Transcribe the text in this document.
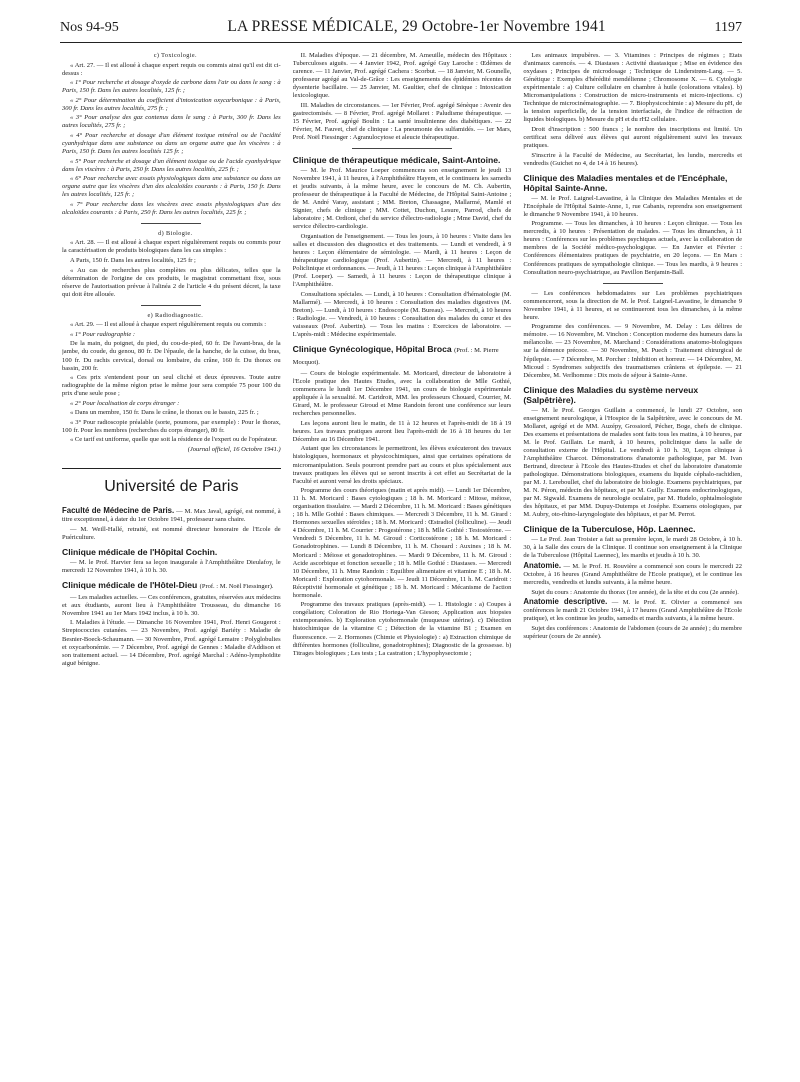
Nos 94-95	LA PRESSE MÉDICALE, 29 Octobre-1er Novembre 1941	1197

c) Toxicologie.

« Art. 27. — Il est alloué à chaque expert requis ou commis ainsi qu'il est dit ci-dessus :

« 1° Pour recherche et dosage d'oxyde de carbone dans l'air ou dans le sang : à Paris, 150 fr. Dans les autres localités, 125 fr. ;

« 2° Pour détermination du coefficient d'intoxication oxycarbonique : à Paris, 300 fr. Dans les autres localités, 275 fr. ;

« 3° Pour analyse des gaz contenus dans le sang : à Paris, 300 fr. Dans les autres localités, 275 fr. ;

« 4° Pour recherche et dosage d'un élément toxique minéral ou de l'acidité cyanhydrique dans une substance ou dans un organe autre que les viscères : à Paris, 150 fr. Dans les autres localités 125 fr. ;

« 5° Pour recherche et dosage d'un élément toxique ou de l'acide cyanhydrique dans les viscères : à Paris, 250 fr. Dans les autres localités, 225 fr. ;

« 6° Pour recherche avec essais physiologiques dans une substance ou dans un organe autre que les viscères d'un des alcaloïdes courants : à Paris, 150 fr. Dans les autres localités, 125 fr. ;

« 7° Pour recherche dans les viscères avec essais physiologiques d'un des alcaloïdes courants : à Paris, 250 fr. Dans les autres localités, 225 fr. ;

d) Biologie.

« Art. 28. — Il est alloué à chaque expert régulièrement requis ou commis pour la caractérisation de produits biologiques dans les cas simples :

A Paris, 150 fr. Dans les autres localités, 125 fr ;

« Au cas de recherches plus complètes ou plus délicates, telles que la détermination de l'origine de ces produits, le magistrat commettant fixe, sous réserve de l'autorisation prévue à l'alinéa 2 de l'article 4 du présent décret, la taxe qui doit être allouée.

e) Radiodiagnostic.

« Art. 29. — Il est alloué à chaque expert régulièrement requis ou commis :

« 1° Pour radiographie :

De la main, du poignet, du pied, du cou-de-pied, 60 fr. De l'avant-bras, de la jambe, du coude, du genou, 80 fr. De l'épaule, de la hanche, de la cuisse, du bras, 100 fr. Du rachis cervical, dorsal ou lombaire, du crâne, 160 fr. Du thorax ou bassin, 200 fr.

« Ces prix s'entendent pour un seul cliché et deux épreuves. Toute autre radiographie de la même région prise le même jour sera comptée 75 pour 100 du prix d'une seule pose ;

« 2° Pour localisation de corps étranger :

« Dans un membre, 150 fr. Dans le crâne, le thorax ou le bassin, 225 fr. ;

« 3° Pour radioscopie préalable (sorte, poumons, par exemple) : Pour le thorax, 100 fr. Pour les membres (recherches du corps étranger), 80 fr.

« Ce tarif est uniforme, quelle que soit la résidence de l'expert ou de l'opérateur.

(Journal officiel, 16 Octobre 1941.)

Université de Paris

Faculté de Médecine de Paris. — M. Max Javal, agrégé, est nommé, à titre exceptionnel, à dater du 1er Octobre 1941, professeur sans chaire.

— M. Weill-Hallé, retraité, est nommé directeur honoraire de l'Ecole de Puériculture.

Clinique médicale de l'Hôpital Cochin.

— M. le Prof. Harvier fera sa leçon inaugurale à l'Amphithéâtre Dieulafoy, le mercredi 12 Novembre 1941, à 10 h. 30.

Clinique médicale de l'Hôtel-Dieu (Prof. : M. Noël Fiessinger).

— Les maladies actuelles. — Ces conférences, gratuites, réservées aux médecins et aux étudiants, auront lieu à l'Amphithéâtre Trousseau, du dimanche 16 Novembre 1941 au 1er Mars 1942 inclus, à 10 h. 30.

I. Maladies à l'étude. — Dimanche 16 Novembre 1941, Prof. Henri Gougerot : Streptococcies cutanées. — 23 Novembre, Prof. agrégé Bariéty : Maladie de Besnier-Boeck-Schaumann. — 30 Novembre, Prof. agrégé Lemaire : Polyglobulies et oxycarbonémie. — 7 Décembre, Prof. agrégé de Gennes : Maladie d'Addison et son traitement actuel. — 14 Décembre, Prof. agrégé Marchal : Adéno-lymphoïdite aiguë bénigne.

II. Maladies d'époque. — 21 décembre, M. Ameuille, médecin des Hôpitaux : Tuberculoses aiguës. — 4 Janvier 1942, Prof. agrégé Guy Laroche : Œdèmes de carence. — 11 Janvier, Prof. agrégé Cachera : Scorbut. — 18 Janvier, M. Gounelle, professeur agrégé au Val-de-Grâce : Les enseignements des épidémies récentes de dysenterie bacillaire. — 25 Janvier, M. Gaultier, chef de clinique : Intoxication lexicologique.

III. Maladies de circonstances. — 1er Février, Prof. agrégé Sénèque : Avenir des gastrectomisés. — 8 Février, Prof. agrégé Mollaret : Paludisme thérapeutique. — 15 Février, Prof. agrégé Boulin : La santé insulinienne des diabétiques. — 22 Février, M. Fauvet, chef de clinique : La pneumonie des sulfamidés. — 1er Mars, Prof. Noël Fiessinger : Agranulocytose et aleucie thérapeutique.

Clinique de thérapeutique médicale, Saint-Antoine.

— M. le Prof. Maurice Loeper commencera son enseignement le jeudi 13 Novembre 1941, à 11 heures, à l'Amphithéâtre Hayem, et le continuera les samedis et jeudis suivants, à la même heure, avec le concours de M. Ch. Aubertin, professeur de thérapeutique à la Faculté de Médecine, de l'Hôpital Saint-Antoine ; de M. André Varay, assistant ; MM. Breton, Chassagne, Mallarmé, Mamlé et Signier, chefs de clinique ; MM. Cottet, Duchon, Lesure, Parrod, chefs de laboratoire ; M. Ordioni, chef du service d'électro-radiologie ; Mme David, chef du service d'électro-cardiologie.

Organisation de l'enseignement. — Tous les jours, à 10 heures : Visite dans les salles et discussion des diagnostics et des traitements. — Lundi et vendredi, à 9 heures : Leçon élémentaire de sémiologie. — Mardi, à 11 heures : Leçon de thérapeutique cardiologique (Prof. Aubertin). — Mercredi, à 11 heures : Policlinique et ordonnances. — Jeudi, à 11 heures : Leçon clinique à l'Amphithéâtre (Prof. Loeper). — Samedi, à 11 heures : Leçon de thérapeutique clinique à l'Amphithéâtre.

Consultations spéciales. — Lundi, à 10 heures : Consultation d'hématologie (M. Mallarmé). — Mercredi, à 10 heures : Consultation des maladies digestives (M. Breton). — Lundi, à 10 heures : Endoscopie (M. Bureau). — Mercredi, à 10 heures : Radiologie. — Vendredi, à 10 heures : Consultation des malades du cœur et des vaisseaux (Prof. Aubertin). — Tous les matins : Exercices de laboratoire. — L'après-midi : Médecine expérimentale.

Clinique Gynécologique, Hôpital Broca (Prof. : M. Pierre Mocquot).

— Cours de biologie expérimentale. M. Moricard, directeur de laboratoire à l'Ecole pratique des Hautes Etudes, avec la collaboration de Mlle Gothié, commencera le lundi 1er Décembre 1941, un cours de biologie expérimentale appliquée à la sexualité. M. Caridroit, MM. les professeurs Chouard, Courrier, M. Girard, M. le professeur Giroud et Mme Randoin feront une conférence sur leurs recherches personnelles.

Les leçons auront lieu le matin, de 11 à 12 heures et l'après-midi de 18 à 19 heures. Les travaux pratiques auront lieu l'après-midi de 16 à 18 heures du 1er Décembre au 16 Décembre 1941.

Autant que les circonstances le permettront, les élèves exécuteront des travaux histologiques, hormonaux et physicochimiques, ainsi que certaines opérations de micromanipulation. Seuls pourront prendre part au cours et plus spécialement aux travaux pratiques les élèves qui se seront inscrits à cet effet au Secrétariat de la Faculté et auront versé les droits spéciaux.

Programme des cours théoriques (matin et après midi). — Lundi 1er Décembre, 11 h. M. Moricard : Bases cytologiques ; 18 h. M. Moricard : Mitose, méiose, organisation tissulaire. — Mardi 2 Décembre, 11 h. M. Moricard : Bases génétiques ; 18 h. Mlle Gothié : Bases chimiques. — Mercredi 3 Décembre, 11 h. M. Girard : Hormones sexuelles stéroïdes ; 18 h. M. Moricard : Œstradiol (folliculine). — Jeudi 4 Décembre, 11 h. M. Courrier : Progestérone ; 18 h. Mlle Gothié : Testostérone. — Vendredi 5 Décembre, 11 h. M. Giroud : Corticostérone ; 18 h. M. Moricard : Gonadotrophines. — Lundi 8 Décembre, 11 h. M. Chouard : Auxines ; 18 h. M. Moricard : Méiose et gonadotrophines. — Mardi 9 Décembre, 11 h. M. Giroud : Acide ascorbique et fonction sexuelle ; 18 h. Mlle Gothié : Diastases. — Mercredi 10 Décembre, 11 h. Mme Randoin : Equilibre alimentaire et vitamine E ; 18 h. M. Moricard : Exploration cytohormonale. — Jeudi 11 Décembre, 11 h. M. Caridroit : Réceptivité hormonale et génétique ; 18 h. M. Moricard : Mécanisme de l'action hormonale.

Programme des travaux pratiques (après-midi). — 1. Histologie : a) Coupes à congélation; Coloration de Rio Hortega-Van Gieson; Application aux biopsies extemporanées. b) Exploration cytohormonale (muqueuse utérine). c) Détection histochimique de la vitamine C ; Détection de la vitamine B1 ; Examen en fluorescence. — 2. Hormones (Chimie et Physiologie) : a) Extraction chimique de différentes hormones (folliculine, gonadotrophines); Diagnostic de la grossesse. b) Titrages biologiques ; Les tests ; La castration ; L'hypophysectomie ;

Les animaux impubères. — 3. Vitamines : Principes de régimes ; Etats d'animaux carencés. — 4. Diastases : Activité diastasique ; Mise en évidence des oxydases ; Principes de microdosage ; Technique de Linderstrøm-Lang. — 5. Génétique : Exemples d'hérédité mendélienne ; Chromosome X. — 6. Cytologie expérimentale : a) Culture cellulaire en chambre à huile (colorations vitales). b) Micromanipulations : Construction de micro-instruments et micro-injections. c) Technique de microcinématographie. — 7. Biophysicochimie : a) Mesure du pH, de la tension superficielle, de la tension interfaciale, de l'indice de réfraction de liquides biologiques. b) Mesure du pH et du rH2 cellulaire.

Droit d'inscription : 500 francs ; le nombre des inscriptions est limité. Un certificat sera délivré aux élèves qui auront régulièrement suivi les travaux pratiques.

S'inscrire à la Faculté de Médecine, au Secrétariat, les lundis, mercredis et vendredis (Guichet no 4, de 14 à 16 heures).

Clinique des Maladies mentales et de l'Encéphale, Hôpital Sainte-Anne.

— M. le Prof. Laignel-Lavastine, à la Clinique des Maladies Mentales et de l'Encéphale de l'Hôpital Sainte-Anne, 1, rue Cabanis, reprendra son enseignement le dimanche 9 Novembre 1941, à 10 heures.

Programme. — Tous les dimanches, à 10 heures : Leçon clinique. — Tous les mercredis, à 10 heures : Présentation de malades. — Tous les dimanches, à 11 heures : Conférences sur les problèmes psychiques actuels, avec la collaboration de membres de la Société médico-psychologique. — En Janvier et Février : Conférences élémentaires pratiques de psychiatrie, en 20 leçons. — En Mars : Conférences pratiques de sympathologie clinique. — Tous les mardis, à 9 heures : Consultation neuro-psychiatrique, au Pavillon Benjamin-Ball.

— Les conférences hebdomadaires sur Les problèmes psychiatriques commenceront, sous la direction de M. le Prof. Laignel-Lavastine, le dimanche 9 Novembre 1941, à 11 heures, et se continueront tous les dimanches, à la même heure.

Programme des conférences. — 9 Novembre, M. Delay : Les délires de mémoire. — 16 Novembre, M. Vinchon : Conception moderne des humeurs dans la mélancolie. — 23 Novembre, M. Marchand : Considérations anatomo-biologiques sur la démence précoce. — 30 Novembre, M. Puech : Traitement chirurgical de l'épilepsie. — 7 Décembre, M. Porcher : Inhibition et horreur. — 14 Décembre, M. Micoud : Syndromes subjectifs des traumatismes crâniens et épilepsie. — 21 Décembre, M. Verlhomme : Dix mois de séjour à Sainte-Anne.

Clinique des Maladies du système nerveux (Salpêtrière).

— M. le Prof. Georges Guillain a commencé, le lundi 27 Octobre, son enseignement neurologique, à l'Hospice de la Salpêtrière, avec le concours de M. Mollaret, agrégé et de MM. Auzépy, Grossiord, Pécher, Boge, chefs de clinique. Des examens et présentations de malades sont faits tous les matins, à 10 heures, par M. le Prof. Guillain. Le mardi, à 10 heures, policlinique dans la salle de consultation externe de l'Hôpital. Le vendredi à 10 h. 30, Leçon clinique à l'Amphithéâtre Charcot. Démonstrations d'anatomie pathologique, par M. Ivan Bertrand, directeur à l'Ecole des Hautes-Etudes et chef du laboratoire d'anatomie pathologique. Démonstrations biologiques, examens du liquide céphalo-rachidien, par M. J. Lereboullet, chef du laboratoire de biologie. Examens psychiatriques, par M. N. Péron, médecin des hôpitaux, et par M. Guilly. Examens endocrinologiques, par M. Sigwald. Examens de neurologie oculaire, par M. Hudelo, ophtalmologiste des hôpitaux, et par MM. Dupuy-Dutemps et Joséphe. Examens otologiques, par M. Aubry, oto-rhino-laryngologiste des hôpitaux, et par M. Perrot.

Clinique de la Tuberculose, Hôp. Laennec.

— Le Prof. Jean Troisier a fait sa première leçon, le mardi 28 Octobre, à 10 h. 30, à la Salle des cours de la Clinique. Il continue son enseignement à la Clinique de la Tuberculose (Hôpital Laennec), les mardis et jeudis à 10 h. 30.

Anatomie. — M. le Prof. H. Rouvière a commencé son cours le mercredi 22 Octobre, à 16 heures (Grand Amphithéâtre de l'Ecole pratique), et le continue les mercredis, vendredis et lundis suivants, à la même heure.

Sujet du cours : Anatomie du thorax (1re année), de la tête et du cou (2e année).

Anatomie descriptive. — M. le Prof. E. Olivier a commencé ses conférences le mardi 21 Octobre 1941, à 17 heures (Grand Amphithéâtre de l'Ecole pratique), et les continue les jeudis, samedis et mardis suivants, à la même heure.

Sujet des conférences : Anatomie de l'abdomen (cours de 2e année) ; du membre supérieur (cours de 2e année).
